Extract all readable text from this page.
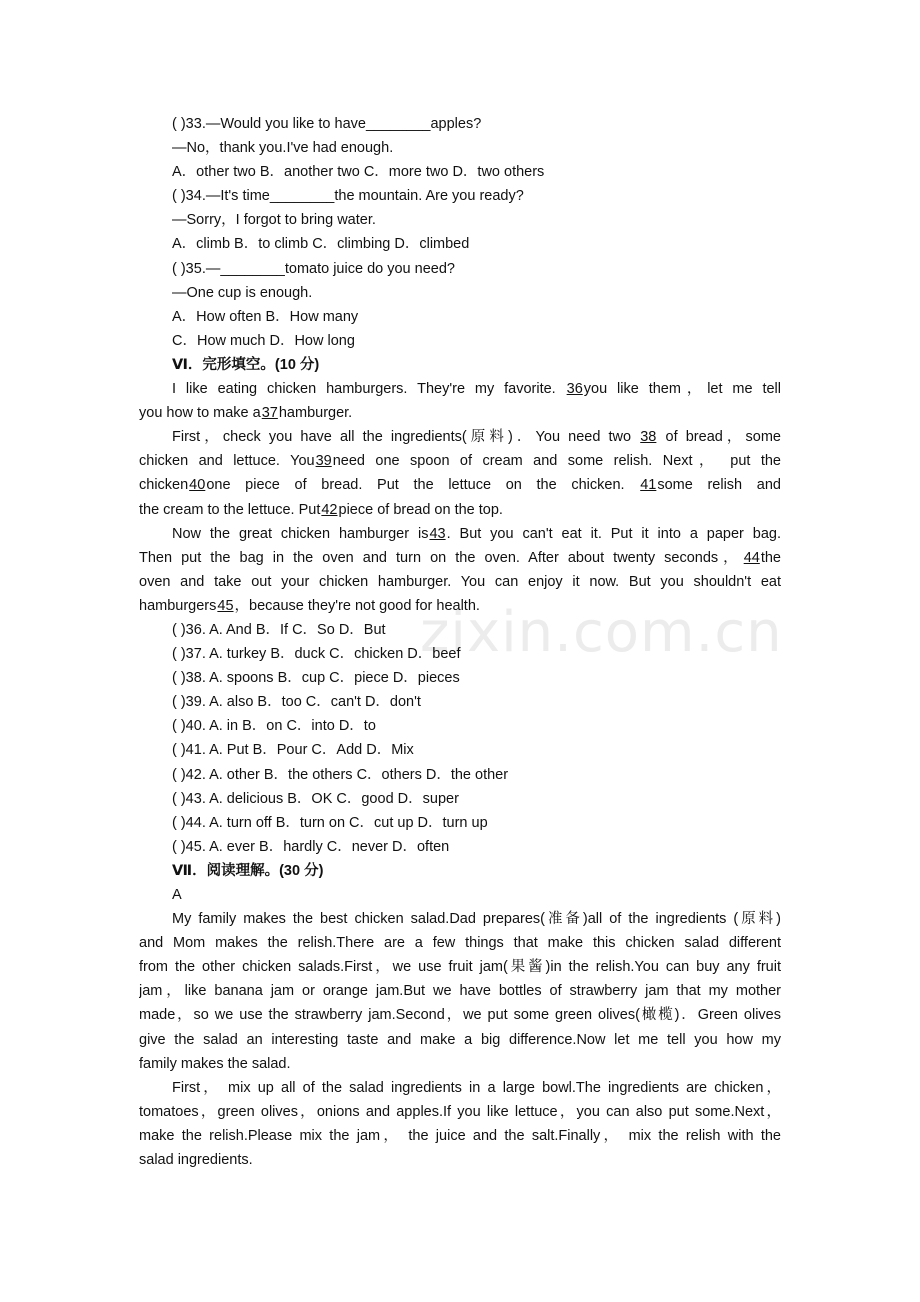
zixin.com.cn
( )33.—Would you like to have________apples?
—No，thank you.I've had enough.
A．other two B．another two C．more two D．two others
( )34.—It's time________the mountain. Are you ready?
—Sorry，I forgot to bring water.
A．climb B．to climb C．climbing D．climbed
( )35.—________tomato juice do you need?
—One cup is enough.
A．How often B．How many
C．How much D．How long
Ⅵ．完形填空。(10 分)
I like eating chicken hamburgers. They're my favorite. 36you like them，let me tell
you how to make a37hamburger.
First，check you have all the ingredients(原料)．You need two 38 of bread，some
chicken and lettuce. You39need one spoon of cream and some relish. Next， put the
chicken40one piece of bread. Put the lettuce on the chicken. 41some relish and
the cream to the lettuce. Put42piece of bread on the top.
Now the great chicken hamburger is43. But you can't eat it. Put it into a paper bag.
Then put the bag in the oven and turn on the oven. After about twenty seconds，44the
oven and take out your chicken hamburger. You can enjoy it now. But you shouldn't eat
hamburgers45，because they're not good for health.
( )36. A. And B．If C．So D．But
( )37. A. turkey B．duck C．chicken D．beef
( )38. A. spoons B．cup C．piece D．pieces
( )39. A. also B．too C．can't D．don't
( )40. A. in B．on C．into D．to
( )41. A. Put B．Pour C．Add D．Mix
( )42. A. other B．the others C．others D．the other
( )43. A. delicious B．OK C．good D．super
( )44. A. turn off B．turn on C．cut up D．turn up
( )45. A. ever B．hardly C．never D．often
Ⅶ．阅读理解。(30 分)
A
My family makes the best chicken salad.Dad prepares(准备)all of the ingredients (原料)
and Mom makes the relish.There are a few things that make this chicken salad different
from the other chicken salads.First，we use fruit jam(果酱)in the relish.You can buy any fruit
jam，like banana jam or orange jam.But we have bottles of strawberry jam that my mother
made，so we use the strawberry jam.Second，we put some green olives(橄榄)．Green olives
give the salad an interesting taste and make a big difference.Now let me tell you how my
family makes the salad.
First， mix up all of the salad ingredients in a large bowl.The ingredients are chicken，
tomatoes，green olives，onions and apples.If you like lettuce，you can also put some.Next，
make the relish.Please mix the jam， the juice and the salt.Finally， mix the relish with the
salad ingredients.
